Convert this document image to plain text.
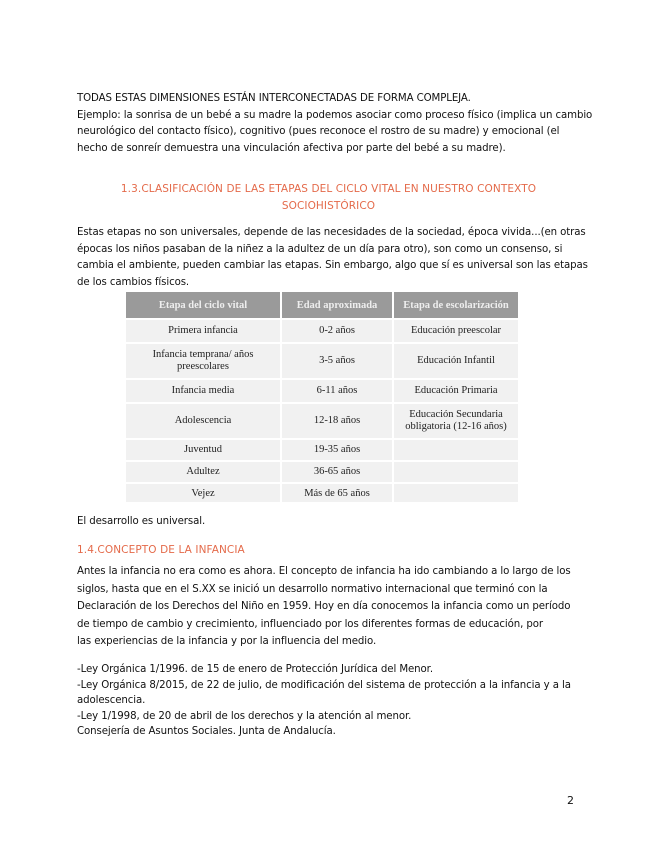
TODAS ESTAS DIMENSIONES ESTÁN INTERCONECTADAS DE FORMA COMPLEJA.
Ejemplo: la sonrisa de un bebé a su madre la podemos asociar como proceso físico (implica un cambio
neurológico del contacto físico), cognitivo (pues reconoce el rostro de su madre) y emocional (el
hecho de sonreír demuestra una vinculación afectiva por parte del bebé a su madre).
1.3.CLASIFICACIÓN DE LAS ETAPAS DEL CICLO VITAL EN NUESTRO CONTEXTO
SOCIOHISTÓRICO
Estas etapas no son universales, depende de las necesidades de la sociedad, época vivida...(en otras
épocas los niños pasaban de la niñez a la adultez de un día para otro), son como un consenso, si
cambia el ambiente, pueden cambiar las etapas. Sin embargo, algo que sí es universal son las etapas
de los cambios físicos.
Etapa del ciclo vital	Edad aproximada	Etapa de escolarización
Primera infancia	0-2 años	Educación preescolar
Infancia temprana/ años preescolares	3-5 años	Educación Infantil
Infancia media	6-11 años	Educación Primaria
Adolescencia	12-18 años	Educación Secundaria obligatoria (12-16 años)
Juventud	19-35 años	
Adultez	36-65 años	
Vejez	Más de 65 años	
El desarrollo es universal.
1.4.CONCEPTO DE LA INFANCIA
Antes la infancia no era como es ahora. El concepto de infancia ha ido cambiando a lo largo de los
siglos, hasta que en el S.XX se inició un desarrollo normativo internacional que terminó con la
Declaración de los Derechos del Niño en 1959. Hoy en día conocemos la infancia como un período
de tiempo de cambio y crecimiento, influenciado por los diferentes formas de educación, por
las experiencias de la infancia y por la influencia del medio.
-Ley Orgánica 1/1996. de 15 de enero de Protección Jurídica del Menor.
-Ley Orgánica 8/2015, de 22 de julio, de modificación del sistema de protección a la infancia y a la
adolescencia.
-Ley 1/1998, de 20 de abril de los derechos y la atención al menor.
Consejería de Asuntos Sociales. Junta de Andalucía.
2
